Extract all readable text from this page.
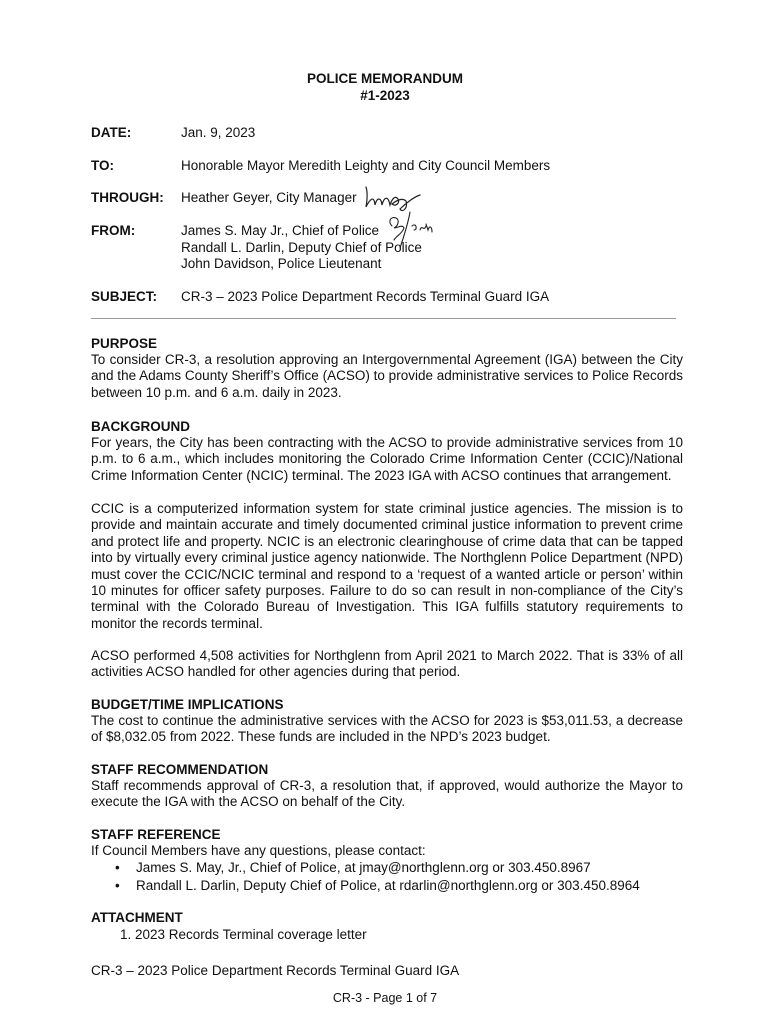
POLICE MEMORANDUM
#1-2023
DATE:	Jan. 9, 2023
TO:	Honorable Mayor Meredith Leighty and City Council Members
THROUGH: Heather Geyer, City Manager
FROM:	James S. May Jr., Chief of Police
Randall L. Darlin, Deputy Chief of Police
John Davidson, Police Lieutenant
SUBJECT: CR-3 – 2023 Police Department Records Terminal Guard IGA
PURPOSE
To consider CR-3, a resolution approving an Intergovernmental Agreement (IGA) between the City and the Adams County Sheriff’s Office (ACSO) to provide administrative services to Police Records between 10 p.m. and 6 a.m. daily in 2023.
BACKGROUND
For years, the City has been contracting with the ACSO to provide administrative services from 10 p.m. to 6 a.m., which includes monitoring the Colorado Crime Information Center (CCIC)/National Crime Information Center (NCIC) terminal. The 2023 IGA with ACSO continues that arrangement.
CCIC is a computerized information system for state criminal justice agencies. The mission is to provide and maintain accurate and timely documented criminal justice information to prevent crime and protect life and property. NCIC is an electronic clearinghouse of crime data that can be tapped into by virtually every criminal justice agency nationwide. The Northglenn Police Department (NPD) must cover the CCIC/NCIC terminal and respond to a ‘request of a wanted article or person’ within 10 minutes for officer safety purposes. Failure to do so can result in non-compliance of the City’s terminal with the Colorado Bureau of Investigation. This IGA fulfills statutory requirements to monitor the records terminal.
ACSO performed 4,508 activities for Northglenn from April 2021 to March 2022. That is 33% of all activities ACSO handled for other agencies during that period.
BUDGET/TIME IMPLICATIONS
The cost to continue the administrative services with the ACSO for 2023 is $53,011.53, a decrease of $8,032.05 from 2022. These funds are included in the NPD’s 2023 budget.
STAFF RECOMMENDATION
Staff recommends approval of CR-3, a resolution that, if approved, would authorize the Mayor to execute the IGA with the ACSO on behalf of the City.
STAFF REFERENCE
If Council Members have any questions, please contact:
• James S. May, Jr., Chief of Police, at jmay@northglenn.org or 303.450.8967
• Randall L. Darlin, Deputy Chief of Police, at rdarlin@northglenn.org or 303.450.8964
ATTACHMENT
1. 2023 Records Terminal coverage letter
CR-3 – 2023 Police Department Records Terminal Guard IGA
CR-3 - Page 1 of 7
